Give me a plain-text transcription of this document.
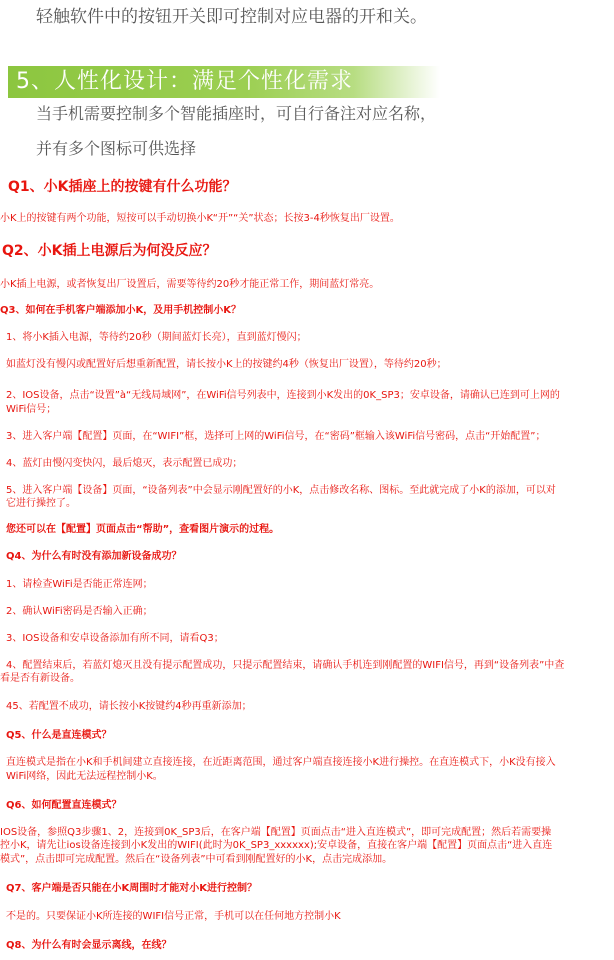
轻触软件中的按钮开关即可控制对应电器的开和关。

5、人性化设计：满足个性化需求

当手机需要控制多个智能插座时，可自行备注对应名称，

并有多个图标可供选择

Q1、小K插座上的按键有什么功能？

小K上的按键有两个功能，短按可以手动切换小K“开”“关”状态；长按3-4秒恢复出厂设置。

Q2、小K插上电源后为何没反应？

小K插上电源，或者恢复出厂设置后，需要等待约20秒才能正常工作，期间蓝灯常亮。

Q3、如何在手机客户端添加小K，及用手机控制小K？

1、将小K插入电源，等待约20秒（期间蓝灯长亮），直到蓝灯慢闪；

如蓝灯没有慢闪或配置好后想重新配置，请长按小K上的按键约4秒（恢复出厂设置），等待约20秒；

2、IOS设备，点击“设置”à“无线局域网”，在WiFi信号列表中，连接到小K发出的0K_SP3；安卓设备，请确认已连到可上网的

WiFi信号；

3、进入客户端【配置】页面，在“WIFI”框，选择可上网的WiFi信号，在“密码”框输入该WiFi信号密码，点击“开始配置”；

4、蓝灯由慢闪变快闪，最后熄灭，表示配置已成功；

5、进入客户端【设备】页面，“设备列表”中会显示刚配置好的小K，点击修改名称、图标。至此就完成了小K的添加，可以对

它进行操控了。

您还可以在【配置】页面点击“帮助”，查看图片演示的过程。

Q4、为什么有时没有添加新设备成功？

1、请检查WiFi是否能正常连网；

2、确认WiFi密码是否输入正确；

3、IOS设备和安卓设备添加有所不同，请看Q3；

4、配置结束后，若蓝灯熄灭且没有提示配置成功，只提示配置结束，请确认手机连到刚配置的WIFI信号，再到“设备列表”中查

看是否有新设备。

45、若配置不成功，请长按小K按键约4秒再重新添加；

Q5、什么是直连模式？

直连模式是指在小K和手机间建立直接连接，在近距离范围，通过客户端直接连接小K进行操控。在直连模式下，小K没有接入

WiFi网络，因此无法远程控制小K。

Q6、如何配置直连模式？

IOS设备，参照Q3步骤1、2，连接到0K_SP3后，在客户端【配置】页面点击“进入直连模式”，即可完成配置；然后若需要操

控小K，请先让ios设备连接到小K发出的WIFI(此时为0K_SP3_xxxxxx);安卓设备，直接在客户端【配置】页面点击“进入直连

模式”，点击即可完成配置。然后在“设备列表”中可看到刚配置好的小K，点击完成添加。

Q7、客户端是否只能在小K周围时才能对小K进行控制？

不是的。只要保证小K所连接的WIFI信号正常，手机可以在任何地方控制小K

Q8、为什么有时会显示离线，在线？
